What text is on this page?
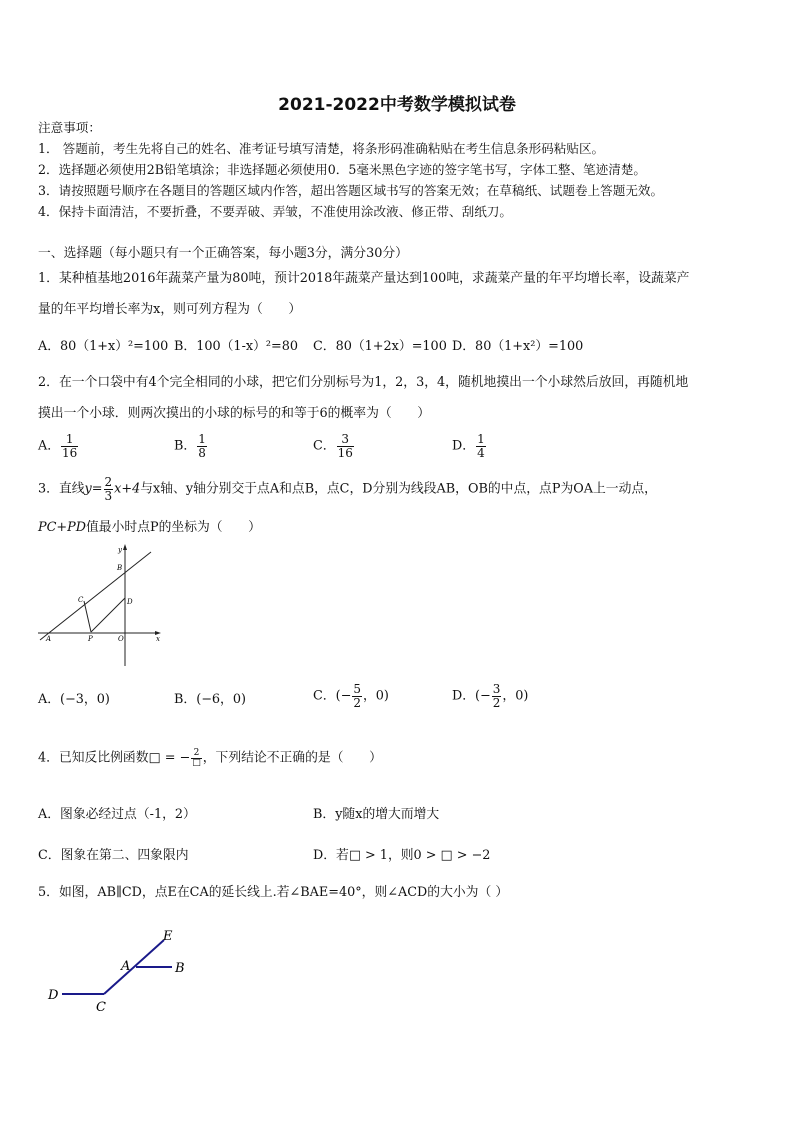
2021-2022中考数学模拟试卷
注意事项：
1． 答题前，考生先将自己的姓名、准考证号填写清楚，将条形码准确粘贴在考生信息条形码粘贴区。
2．选择题必须使用2B铅笔填涂；非选择题必须使用0．5毫米黑色字迹的签字笔书写，字体工整、笔迹清楚。
3．请按照题号顺序在各题目的答题区域内作答，超出答题区域书写的答案无效；在草稿纸、试题卷上答题无效。
4．保持卡面清洁，不要折叠，不要弄破、弄皱，不准使用涂改液、修正带、刮纸刀。
一、选择题（每小题只有一个正确答案，每小题3分，满分30分）
1．某种植基地2016年蔬菜产量为80吨，预计2018年蔬菜产量达到100吨，求蔬菜产量的年平均增长率，设蔬菜产
量的年平均增长率为x，则可列方程为（　　）
A．80（1+x）²=100 B．100（1-x）²=80 C．80（1+2x）=100 D．80（1+x²）=100
2．在一个口袋中有4个完全相同的小球，把它们分别标号为1，2，3，4，随机地摸出一个小球然后放回，再随机地
摸出一个小球．则两次摸出的小球的标号的和等于6的概率为（　　）
A． $\frac{1}{16}$	B． $\frac{1}{8}$	C． $\frac{3}{16}$	D． $\frac{1}{4}$
3．直线$y= \frac{2}{3} x+4$与x轴、y轴分别交于点A和点B，点C，D分别为线段AB，OB的中点，点P为OA上一动点，
PC+PD值最小时点P的坐标为（　　）
y
x
B
C	D
A	P	O
A．(−3，0)	B．(−6，0)	C．(− $\frac{5}{2}$ ，0)	D．(− $\frac{3}{2}$ ，0)
4．已知反比例函数□ = − $\frac{2}{□}$ ，下列结论不正确的是（　　）
A．图象必经过点（-1，2）	B．y随x的增大而增大
C．图象在第二、四象限内	D．若□ > 1，则0 > □ > −2
5．如图，AB∥CD，点E在CA的延长线上.若∠BAE=40°，则∠ACD的大小为（ ）
E
A	B
D
C
